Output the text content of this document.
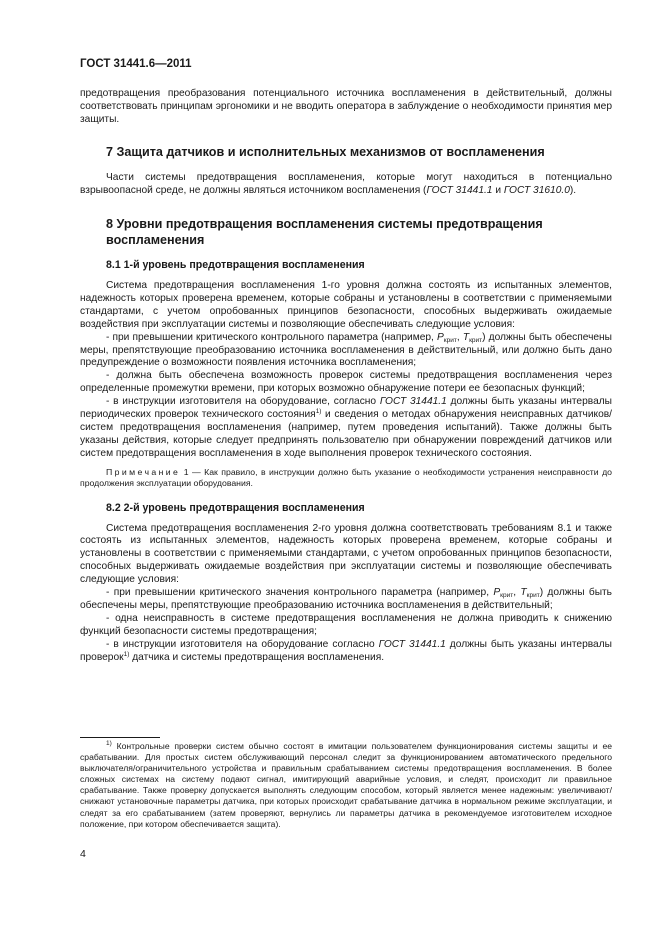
ГОСТ 31441.6—2011

предотвращения преобразования потенциального источника воспламенения в действительный, должны соответствовать принципам эргономики и не вводить оператора в заблуждение о необходимости принятия мер защиты.

7 Защита датчиков и исполнительных механизмов от воспламенения

Части системы предотвращения воспламенения, которые могут находиться в потенциально взрывоопасной среде, не должны являться источником воспламенения (ГОСТ 31441.1 и ГОСТ 31610.0).

8 Уровни предотвращения воспламенения системы предотвращения воспламенения
8.1 1-й уровень предотвращения воспламенения

Система предотвращения воспламенения 1-го уровня должна состоять из испытанных элементов, надежность которых проверена временем, которые собраны и установлены в соответствии с применяемыми стандартами, с учетом опробованных принципов безопасности, способных выдерживать ожидаемые воздействия при эксплуатации системы и позволяющие обеспечивать следующие условия:

- при превышении критического контрольного параметра (например, $P_{крит}$, $T_{крит}$) должны быть обеспечены меры, препятствующие преобразованию источника воспламенения в действительный, или должно быть дано предупреждение о возможности появления источника воспламенения;

- должна быть обеспечена возможность проверок системы предотвращения воспламенения через определенные промежутки времени, при которых возможно обнаружение потери ее безопасных функций;

- в инструкции изготовителя на оборудование, согласно ГОСТ 31441.1 должны быть указаны интервалы периодических проверок технического состояния$^{1)}$ и сведения о методах обнаружения неисправных датчиков/систем предотвращения воспламенения (например, путем проведения испытаний). Также должны быть указаны действия, которые следует предпринять пользователю при обнаружении повреждений датчиков или систем предотвращения воспламенения в ходе выполнения проверок технического состояния.

Примечание 1 — Как правило, в инструкции должно быть указание о необходимости устранения неисправности до продолжения эксплуатации оборудования.

8.2 2-й уровень предотвращения воспламенения

Система предотвращения воспламенения 2-го уровня должна соответствовать требованиям 8.1 и также состоять из испытанных элементов, надежность которых проверена временем, которые собраны и установлены в соответствии с применяемыми стандартами, с учетом опробованных принципов безопасности, способных выдерживать ожидаемые воздействия при эксплуатации системы и позволяющие обеспечивать следующие условия:

- при превышении критического значения контрольного параметра (например, $P_{крит}$, $T_{крит}$) должны быть обеспечены меры, препятствующие преобразованию источника воспламенения в действительный;

- одна неисправность в системе предотвращения воспламенения не должна приводить к снижению функций безопасности системы предотвращения;

- в инструкции изготовителя на оборудование согласно ГОСТ 31441.1 должны быть указаны интервалы проверок$^{1)}$ датчика и системы предотвращения воспламенения.

$^{1)}$ Контрольные проверки систем обычно состоят в имитации пользователем функционирования системы защиты и ее срабатывании. Для простых систем обслуживающий персонал следит за функционированием автоматического предельного выключателя/ограничительного устройства и правильным срабатыванием системы предотвращения воспламенения. В более сложных системах на систему подают сигнал, имитирующий аварийные условия, и следят, происходит ли правильное срабатывание. Также проверку допускается выполнять следующим способом, который является менее надежным: увеличивают/снижают установочные параметры датчика, при которых происходит срабатывание датчика в нормальном режиме эксплуатации, и следят за его срабатыванием (затем проверяют, вернулись ли параметры датчика в рекомендуемое изготовителем исходное положение, при котором обеспечивается защита).

4
